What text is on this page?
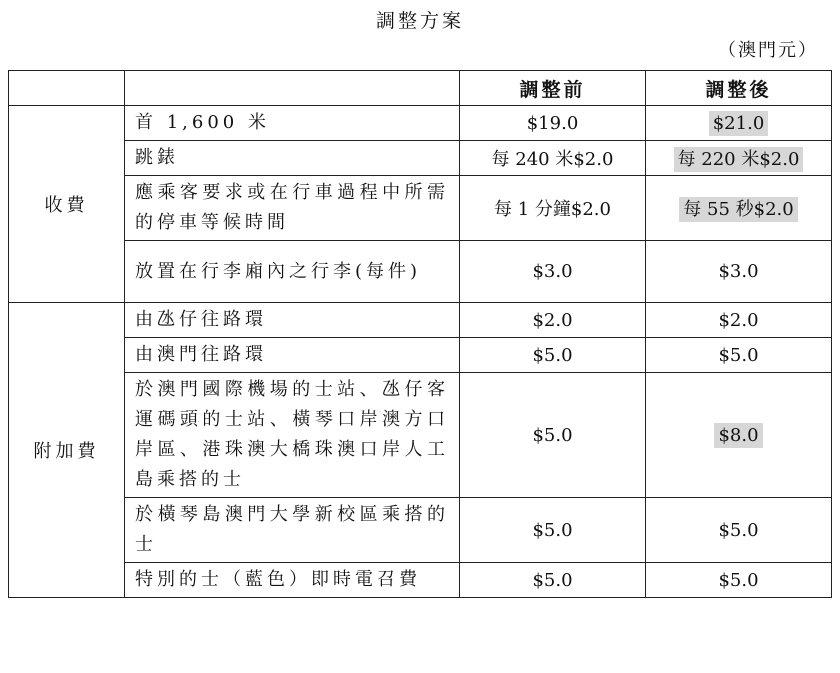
調整方案
（澳門元）
		調整前	調整後
收費	首 1,600 米	$19.0	$21.0
	跳錶	每 240 米$2.0	每 220 米$2.0
	應乘客要求或在行車過程中所需的停車等候時間	每 1 分鐘$2.0	每 55 秒$2.0
	放置在行李廂內之行李(每件)	$3.0	$3.0
附加費	由氹仔往路環	$2.0	$2.0
	由澳門往路環	$5.0	$5.0
	於澳門國際機場的士站、氹仔客運碼頭的士站、橫琴口岸澳方口岸區、港珠澳大橋珠澳口岸人工島乘搭的士	$5.0	$8.0
	於橫琴島澳門大學新校區乘搭的士	$5.0	$5.0
	特別的士（藍色）即時電召費	$5.0	$5.0
